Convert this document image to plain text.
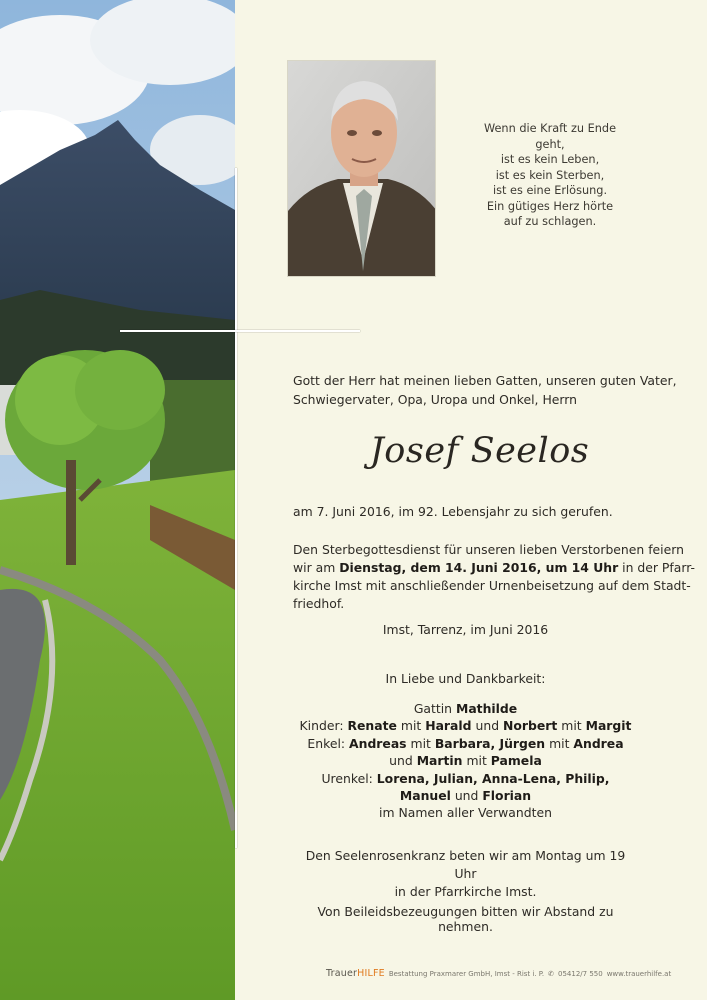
Wenn die Kraft zu Ende geht,
ist es kein Leben,
ist es kein Sterben,
ist es eine Erlösung.
Ein gütiges Herz hörte
auf zu schlagen.
Gott der Herr hat meinen lieben Gatten, unseren guten Vater,
Schwiegervater, Opa, Uropa und Onkel, Herrn
Josef Seelos
am 7. Juni 2016, im 92. Lebensjahr zu sich gerufen.
Den Sterbegottesdienst für unseren lieben Verstorbenen feiern
wir am Dienstag, dem 14. Juni 2016, um 14 Uhr in der Pfarr-
kirche Imst mit anschließender Urnenbeisetzung auf dem Stadt-
friedhof.
Imst, Tarrenz, im Juni 2016
In Liebe und Dankbarkeit:
Gattin Mathilde
Kinder: Renate mit Harald und Norbert mit Margit
Enkel: Andreas mit Barbara, Jürgen mit Andrea
und Martin mit Pamela
Urenkel: Lorena, Julian, Anna-Lena, Philip,
Manuel und Florian
im Namen aller Verwandten
Den Seelenrosenkranz beten wir am Montag um 19 Uhr
in der Pfarrkirche Imst.
Von Beileidsbezeugungen bitten wir Abstand zu nehmen.
TrauerHILFE Bestattung Praxmarer GmbH, Imst - Rist i. P. ✆ 05412/7 550 www.trauerhilfe.at
